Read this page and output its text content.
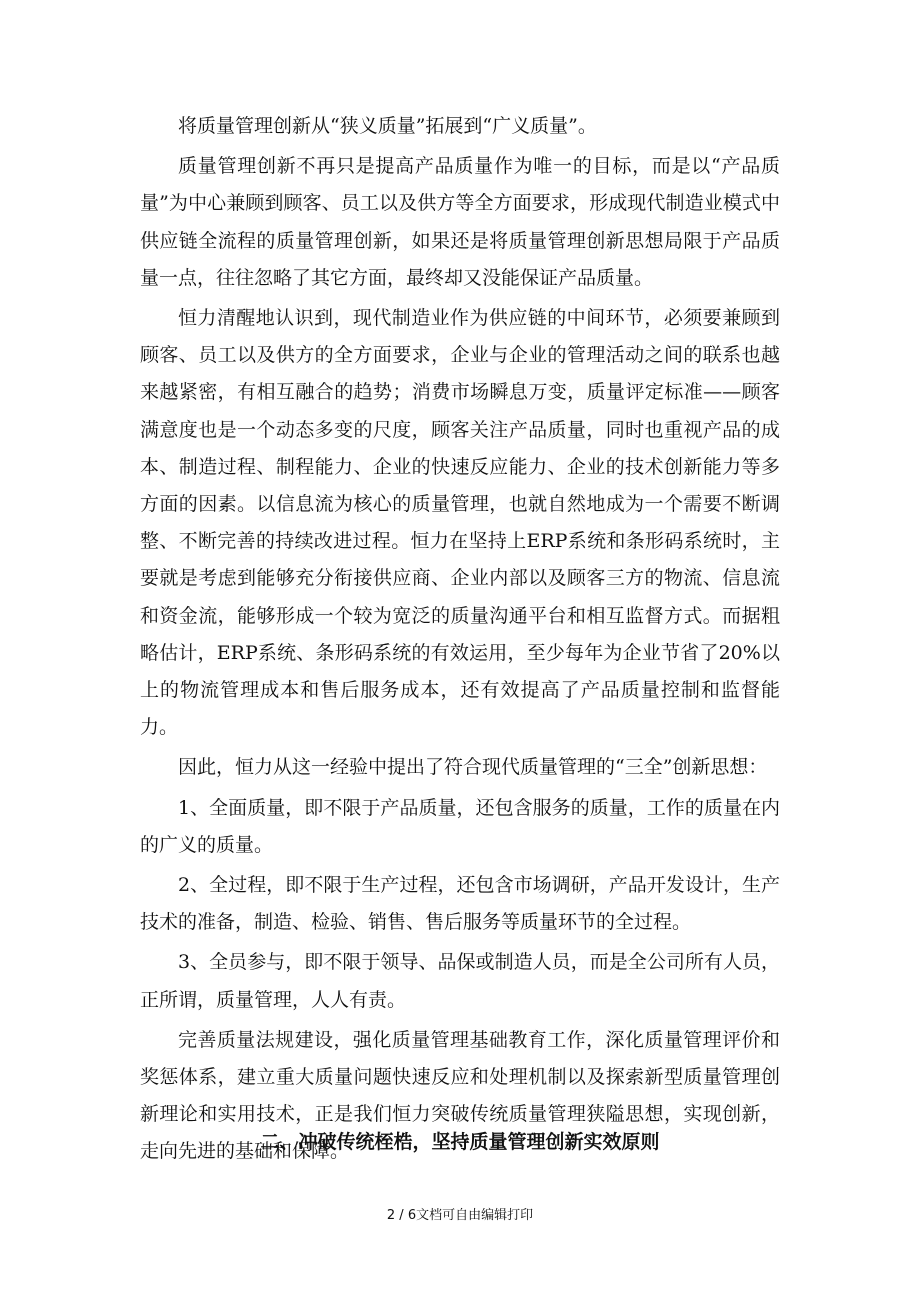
将质量管理创新从“狭义质量”拓展到“广义质量”。

质量管理创新不再只是提高产品质量作为唯一的目标，而是以“产品质量”为中心兼顾到顾客、员工以及供方等全方面要求，形成现代制造业模式中供应链全流程的质量管理创新，如果还是将质量管理创新思想局限于产品质量一点，往往忽略了其它方面，最终却又没能保证产品质量。

恒力清醒地认识到，现代制造业作为供应链的中间环节，必须要兼顾到顾客、员工以及供方的全方面要求，企业与企业的管理活动之间的联系也越来越紧密，有相互融合的趋势；消费市场瞬息万变，质量评定标准——顾客满意度也是一个动态多变的尺度，顾客关注产品质量，同时也重视产品的成本、制造过程、制程能力、企业的快速反应能力、企业的技术创新能力等多方面的因素。以信息流为核心的质量管理，也就自然地成为一个需要不断调整、不断完善的持续改进过程。恒力在坚持上ERP系统和条形码系统时，主要就是考虑到能够充分衔接供应商、企业内部以及顾客三方的物流、信息流和资金流，能够形成一个较为宽泛的质量沟通平台和相互监督方式。而据粗略估计，ERP系统、条形码系统的有效运用，至少每年为企业节省了20%以上的物流管理成本和售后服务成本，还有效提高了产品质量控制和监督能力。

因此，恒力从这一经验中提出了符合现代质量管理的“三全”创新思想：

1、全面质量，即不限于产品质量，还包含服务的质量，工作的质量在内的广义的质量。

2、全过程，即不限于生产过程，还包含市场调研，产品开发设计，生产技术的准备，制造、检验、销售、售后服务等质量环节的全过程。

3、全员参与，即不限于领导、品保或制造人员，而是全公司所有人员，正所谓，质量管理，人人有责。

完善质量法规建设，强化质量管理基础教育工作，深化质量管理评价和奖惩体系，建立重大质量问题快速反应和处理机制以及探索新型质量管理创新理论和实用技术，正是我们恒力突破传统质量管理狭隘思想，实现创新，走向先进的基础和保障。

二、冲破传统桎梏，坚持质量管理创新实效原则
2 / 6文档可自由编辑打印
